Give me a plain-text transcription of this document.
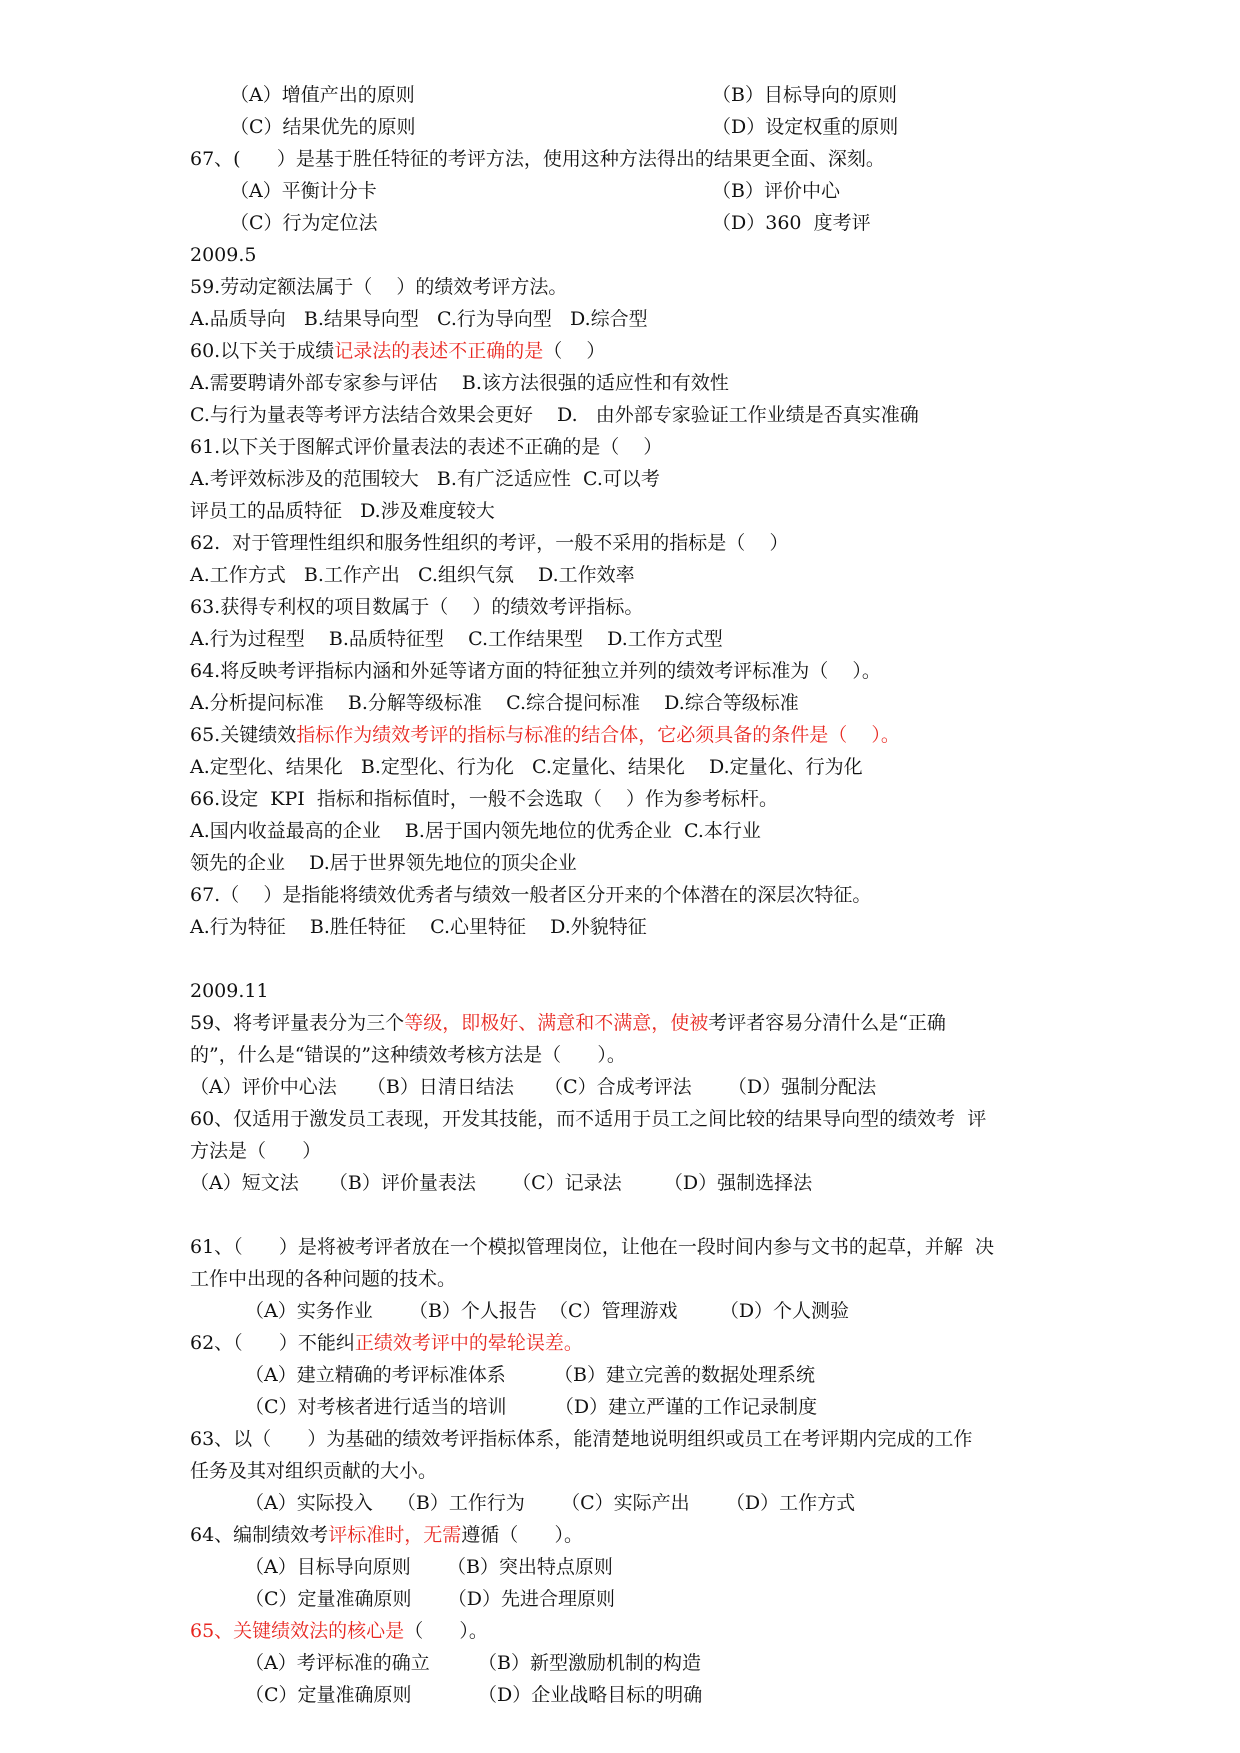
（A）增值产出的原则	（B）目标导向的原则
（C）结果优先的原则	（D）设定权重的原则
67、(      ）是基于胜任特征的考评方法，使用这种方法得出的结果更全面、深刻。
（A）平衡计分卡	（B）评价中心
（C）行为定位法	（D）360  度考评
2009.5
59.劳动定额法属于（    ）的绩效考评方法。
A.品质导向   B.结果导向型   C.行为导向型   D.综合型
60.以下关于成绩记录法的表述不正确的是（    ）
A.需要聘请外部专家参与评估    B.该方法很强的适应性和有效性
C.与行为量表等考评方法结合效果会更好    D.   由外部专家验证工作业绩是否真实准确
61.以下关于图解式评价量表法的表述不正确的是（    ）
A.考评效标涉及的范围较大   B.有广泛适应性  C.可以考
评员工的品质特征   D.涉及难度较大
62.  对于管理性组织和服务性组织的考评，一般不采用的指标是（    ）
A.工作方式   B.工作产出   C.组织气氛    D.工作效率
63.获得专利权的项目数属于（    ）的绩效考评指标。
A.行为过程型    B.品质特征型    C.工作结果型    D.工作方式型
64.将反映考评指标内涵和外延等诸方面的特征独立并列的绩效考评标准为（    ）。
A.分析提问标准    B.分解等级标准    C.综合提问标准    D.综合等级标准
65.关键绩效指标作为绩效考评的指标与标准的结合体，它必须具备的条件是（    ）。
A.定型化、结果化   B.定型化、行为化   C.定量化、结果化    D.定量化、行为化
66.设定  KPI  指标和指标值时，一般不会选取（    ）作为参考标杆。
A.国内收益最高的企业    B.居于国内领先地位的优秀企业  C.本行业
领先的企业    D.居于世界领先地位的顶尖企业
67.（    ）是指能将绩效优秀者与绩效一般者区分开来的个体潜在的深层次特征。
A.行为特征    B.胜任特征    C.心里特征    D.外貌特征
2009.11
59、将考评量表分为三个等级，即极好、满意和不满意，使被考评者容易分清什么是“正确
的”，什么是“错误的”这种绩效考核方法是（      ）。
（A）评价中心法     （B）日清日结法     （C）合成考评法      （D）强制分配法
60、仅适用于激发员工表现，开发其技能，而不适用于员工之间比较的结果导向型的绩效考  评
方法是（      ）
（A）短文法     （B）评价量表法      （C）记录法       （D）强制选择法
61、（      ）是将被考评者放在一个模拟管理岗位，让他在一段时间内参与文书的起草，并解  决
工作中出现的各种问题的技术。
（A）实务作业      （B）个人报告  （C）管理游戏       （D）个人测验
62、（      ）不能纠正绩效考评中的晕轮误差。
（A）建立精确的考评标准体系        （B）建立完善的数据处理系统
（C）对考核者进行适当的培训        （D）建立严谨的工作记录制度
63、以（      ）为基础的绩效考评指标体系，能清楚地说明组织或员工在考评期内完成的工作
任务及其对组织贡献的大小。
（A）实际投入    （B）工作行为      （C）实际产出      （D）工作方式
64、编制绩效考评标准时，无需遵循（      ）。
（A）目标导向原则      （B）突出特点原则
（C）定量准确原则      （D）先进合理原则
65、关键绩效法的核心是（      ）。
（A）考评标准的确立        （B）新型激励机制的构造
（C）定量准确原则           （D）企业战略目标的明确
